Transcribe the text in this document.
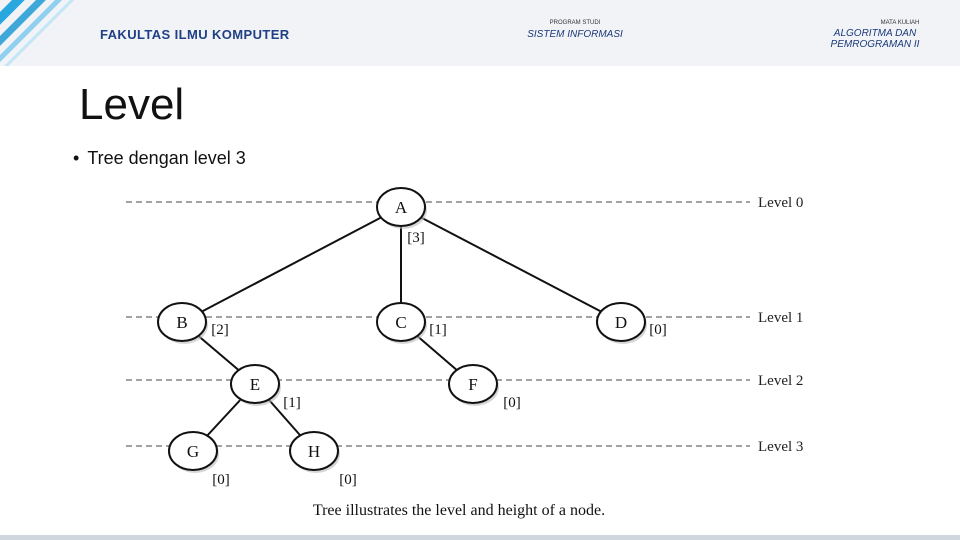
FAKULTAS ILMU KOMPUTER
PROGRAM STUDI
SISTEM INFORMASI
MATA KULIAH
ALGORITMA DAN
PEMROGRAMAN II
Level
• Tree dengan level 3
Level 0
Level 1
Level 2
Level 3
A
[3]
B [2]	C [1]	D [0]
E
[1]
F
[0]
G
[0]
H
[0]
Tree illustrates the level and height of a node.
